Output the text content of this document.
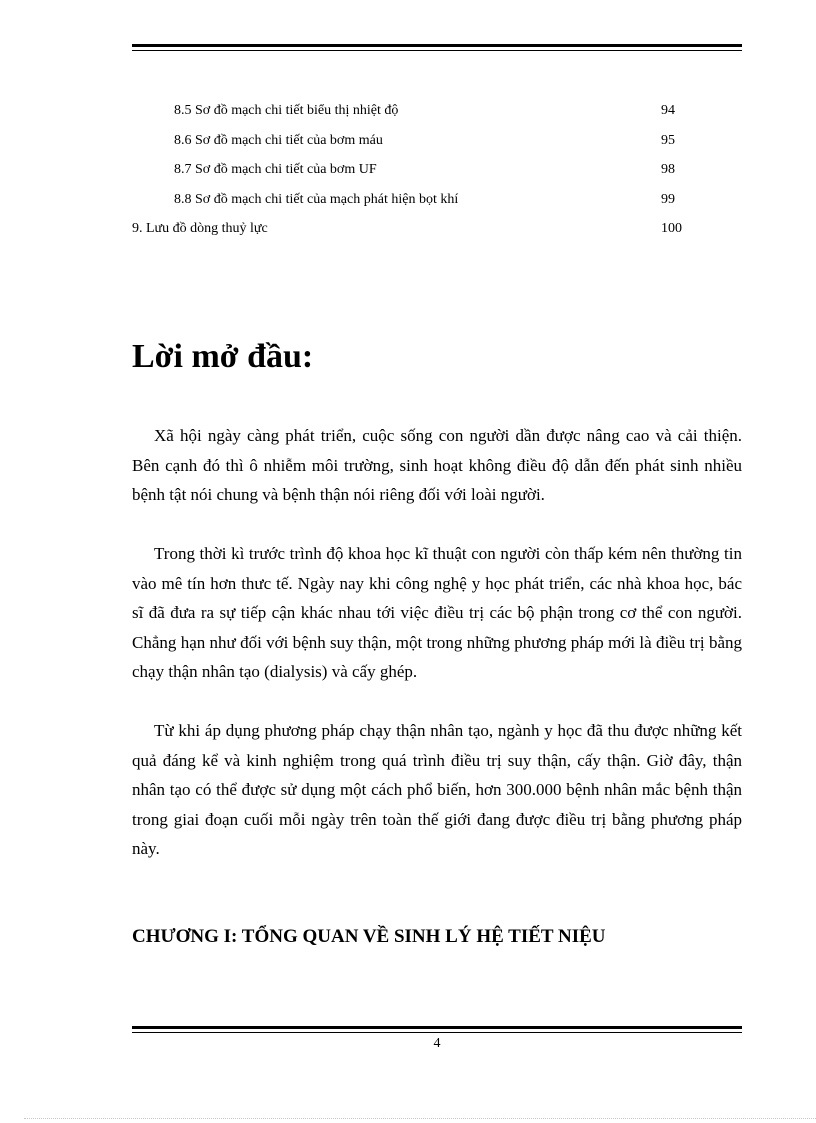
8.5 Sơ đồ mạch chi tiết biểu thị nhiệt độ	94
8.6 Sơ đồ mạch chi tiết của bơm máu	95
8.7 Sơ đồ mạch chi tiết của bơm UF	98
8.8 Sơ đồ mạch chi tiết của mạch phát hiện bọt khí	99
9. Lưu đồ dòng thuỷ lực	100
Lời mở đầu:

Xã hội ngày càng phát triển, cuộc sống con người dần được nâng cao và cải thiện. Bên cạnh đó thì ô nhiễm môi trường, sinh hoạt không điều độ dẫn đến phát sinh nhiều bệnh tật nói chung và bệnh thận nói riêng đối với loài người.

Trong thời kì trước trình độ khoa học kĩ thuật con người còn thấp kém nên thường tin vào mê tín hơn thưc tế. Ngày nay khi công nghệ y học phát triển, các nhà khoa học, bác sĩ đã đưa ra sự tiếp cận khác nhau tới việc điều trị các bộ phận trong cơ thể con người. Chẳng hạn như đối với bệnh suy thận, một trong những phương pháp mới là điều trị bằng chạy thận nhân tạo (dialysis) và cấy ghép.

Từ khi áp dụng phương pháp chạy thận nhân tạo, ngành y học đã thu được những kết quả đáng kể và kinh nghiệm trong quá trình điều trị suy thận, cấy thận. Giờ đây, thận nhân tạo có thể được sử dụng một cách phổ biến, hơn 300.000 bệnh nhân mắc bệnh thận trong giai đoạn cuối mỗi ngày trên toàn thế giới đang được điều trị bằng phương pháp này.

CHƯƠNG I: TỔNG QUAN VỀ SINH LÝ HỆ TIẾT NIỆU
4
